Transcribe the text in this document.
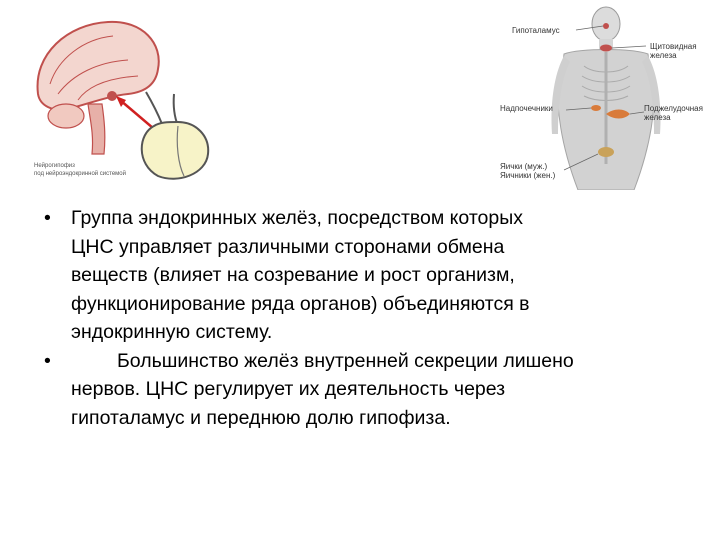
Нейрогипофиз
под нейроэндокринной системой
Гипоталамус
Щитовидная
железа
Надпочечники	Поджелудочная
железа
Яички (муж.)
Яичники (жен.)
•	Группа эндокринных желёз, посредством которых
ЦНС управляет различными сторонами обмена
веществ (влияет на созревание и рост организм,
функционирование ряда органов) объединяются в
эндокринную систему.
•	Большинство желёз внутренней секреции лишено
нервов. ЦНС регулирует их деятельность через
гипоталамус и переднюю долю гипофиза.
